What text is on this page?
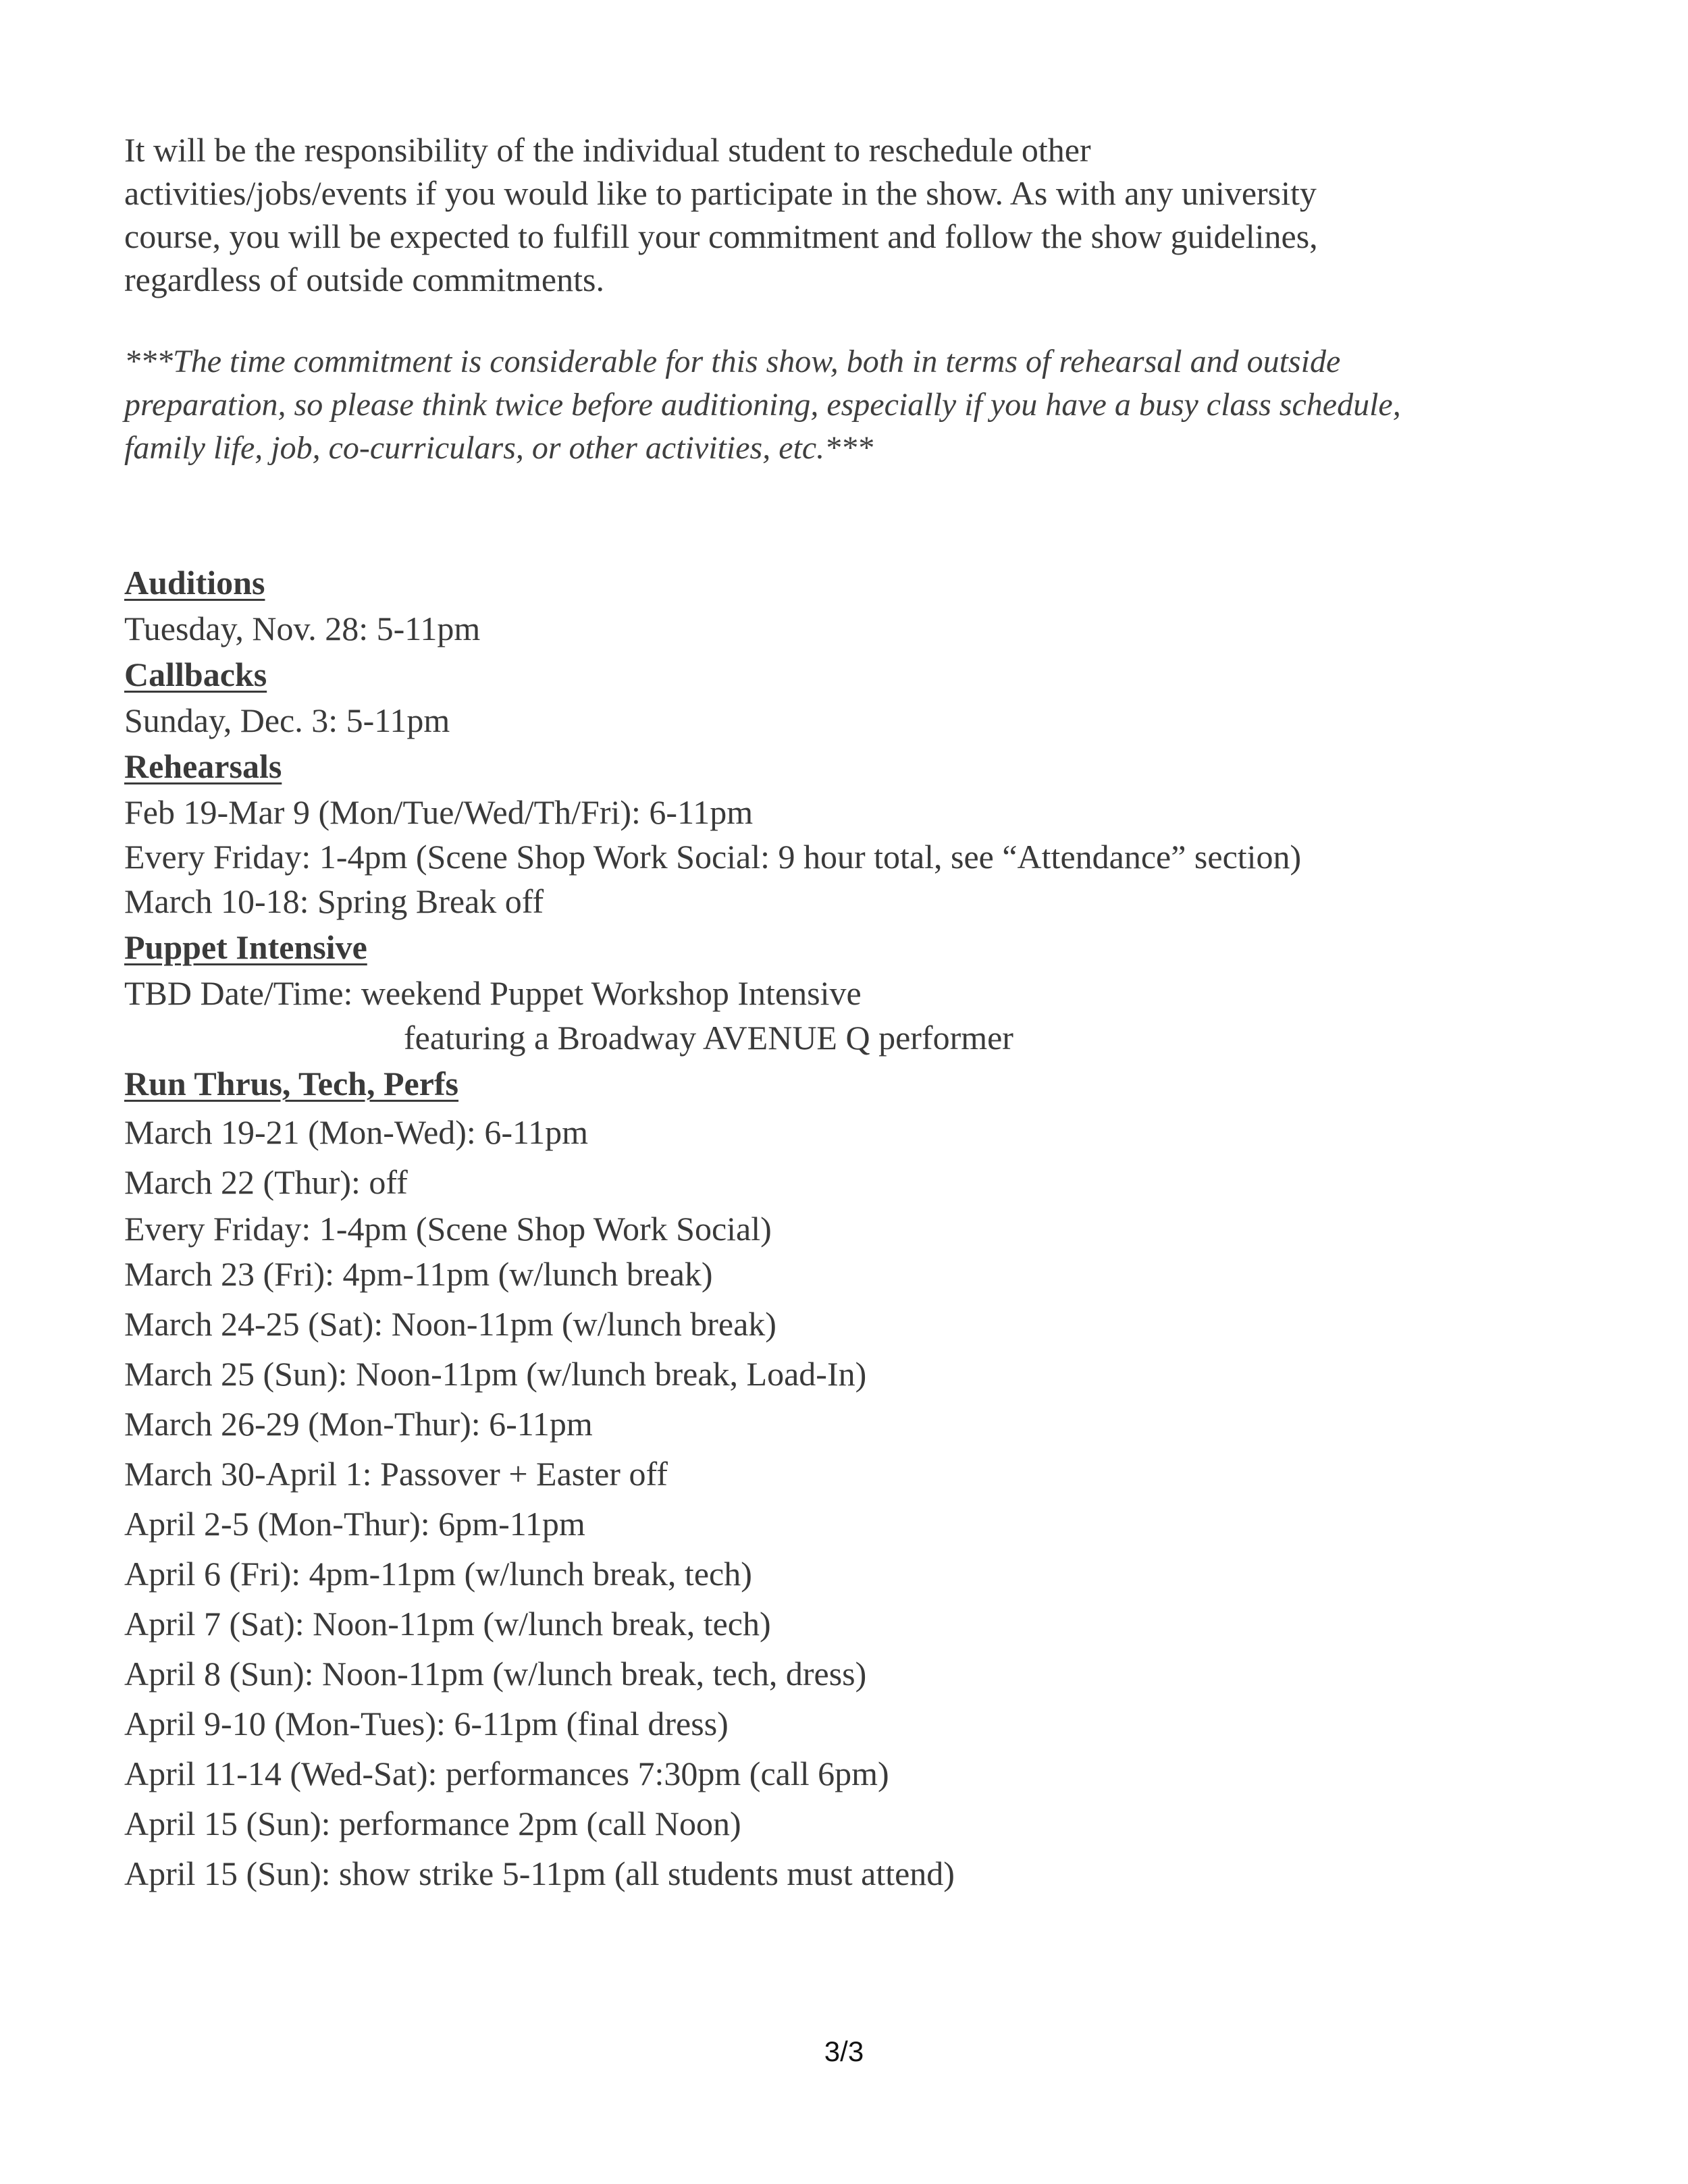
It will be the responsibility of the individual student to reschedule other
activities/jobs/events if you would like to participate in the show. As with any university
course, you will be expected to fulfill your commitment and follow the show guidelines,
regardless of outside commitments.

***The time commitment is considerable for this show, both in terms of rehearsal and outside
preparation, so please think twice before auditioning, especially if you have a busy class schedule,
family life, job, co-curriculars, or other activities, etc.***

Auditions
Tuesday, Nov. 28: 5-11pm
Callbacks
Sunday, Dec. 3: 5-11pm
Rehearsals
Feb 19-Mar 9 (Mon/Tue/Wed/Th/Fri): 6-11pm
Every Friday: 1-4pm (Scene Shop Work Social: 9 hour total, see “Attendance” section)
March 10-18: Spring Break off
Puppet Intensive
TBD Date/Time: weekend Puppet Workshop Intensive
featuring a Broadway AVENUE Q performer
Run Thrus, Tech, Perfs
March 19-21 (Mon-Wed): 6-11pm
March 22 (Thur): off
Every Friday: 1-4pm (Scene Shop Work Social)
March 23 (Fri): 4pm-11pm (w/lunch break)
March 24-25 (Sat): Noon-11pm (w/lunch break)
March 25 (Sun): Noon-11pm (w/lunch break, Load-In)
March 26-29 (Mon-Thur): 6-11pm
March 30-April 1: Passover + Easter off
April 2-5 (Mon-Thur): 6pm-11pm
April 6 (Fri): 4pm-11pm (w/lunch break, tech)
April 7 (Sat): Noon-11pm (w/lunch break, tech)
April 8 (Sun): Noon-11pm (w/lunch break, tech, dress)
April 9-10 (Mon-Tues): 6-11pm (final dress)
April 11-14 (Wed-Sat): performances 7:30pm (call 6pm)
April 15 (Sun): performance 2pm (call Noon)
April 15 (Sun): show strike 5-11pm (all students must attend)
3/3
